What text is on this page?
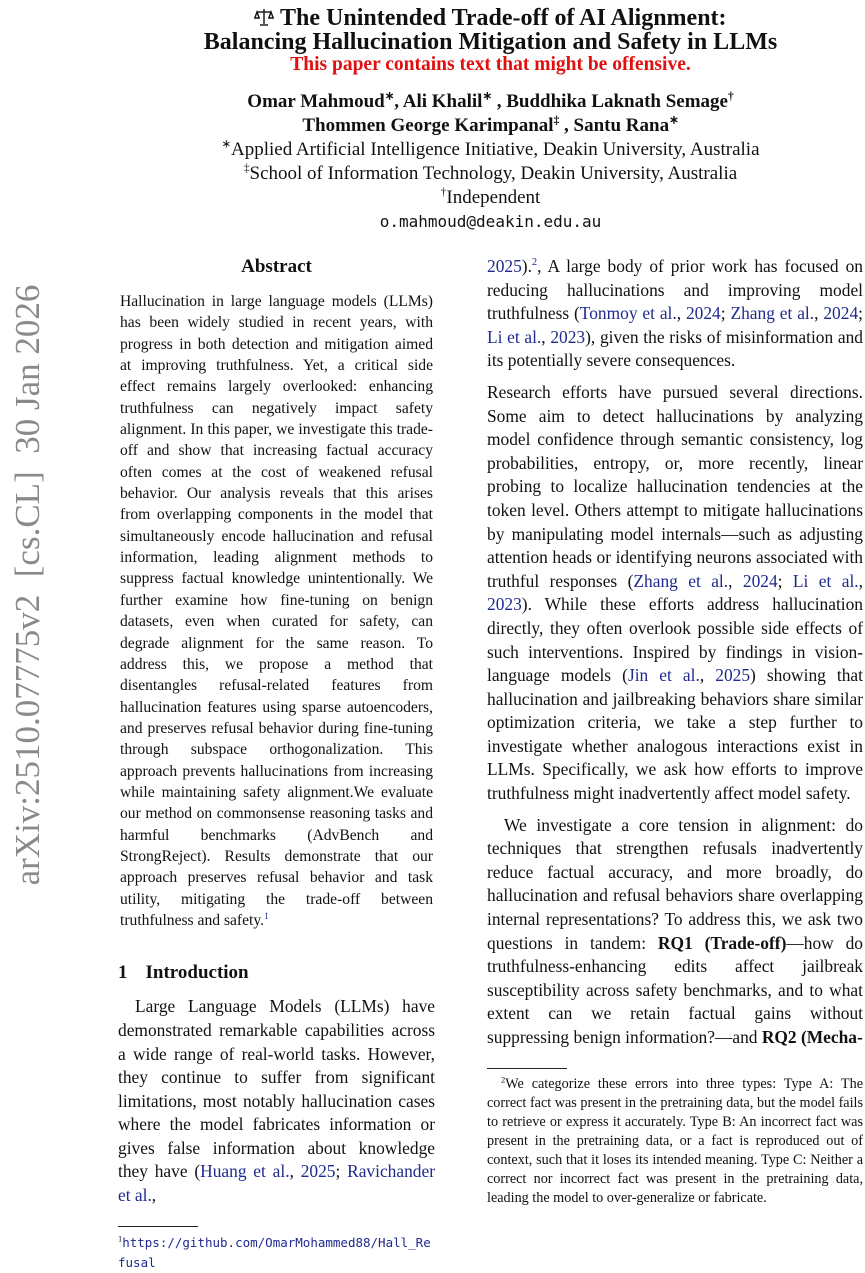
arXiv:2510.07775v2  [cs.CL]  30 Jan 2026
The Unintended Trade-off of AI Alignment:
Balancing Hallucination Mitigation and Safety in LLMs
This paper contains text that might be offensive.
Omar Mahmoud∗, Ali Khalil∗ , Buddhika Laknath Semage†
Thommen George Karimpanal‡ , Santu Rana∗
∗Applied Artificial Intelligence Initiative, Deakin University, Australia
‡School of Information Technology, Deakin University, Australia
†Independent
o.mahmoud@deakin.edu.au
Abstract
Hallucination in large language models (LLMs) has been widely studied in recent years, with progress in both detection and mitigation aimed at improving truthfulness. Yet, a critical side effect remains largely overlooked: enhancing truthfulness can negatively impact safety alignment. In this paper, we investigate this trade-off and show that increasing factual accuracy often comes at the cost of weakened refusal behavior. Our analysis reveals that this arises from overlapping components in the model that simultaneously encode hallucination and refusal information, leading alignment methods to suppress factual knowledge unintentionally. We further examine how fine-tuning on benign datasets, even when curated for safety, can degrade alignment for the same reason. To address this, we propose a method that disentangles refusal-related features from hallucination features using sparse autoencoders, and preserves refusal behavior during fine-tuning through subspace orthogonalization. This approach prevents hallucinations from increasing while maintaining safety alignment.We evaluate our method on commonsense reasoning tasks and harmful benchmarks (AdvBench and StrongReject). Results demonstrate that our approach preserves refusal behavior and task utility, mitigating the trade-off between truthfulness and safety.$^1$
1 Introduction

Large Language Models (LLMs) have demonstrated remarkable capabilities across a wide range of real-world tasks. However, they continue to suffer from significant limitations, most notably hallucination cases where the model fabricates information or gives false information about knowledge they have (Huang et al., 2025; Ravichander et al.,

$^1$https://github.com/OmarMohammed88/Hall_Refusal

2025).$^2$, A large body of prior work has focused on reducing hallucinations and improving model truthfulness (Tonmoy et al., 2024; Zhang et al., 2024; Li et al., 2023), given the risks of misinformation and its potentially severe consequences.

Research efforts have pursued several directions. Some aim to detect hallucinations by analyzing model confidence through semantic consistency, log probabilities, entropy, or, more recently, linear probing to localize hallucination tendencies at the token level. Others attempt to mitigate hallucinations by manipulating model internals—such as adjusting attention heads or identifying neurons associated with truthful responses (Zhang et al., 2024; Li et al., 2023). While these efforts address hallucination directly, they often overlook possible side effects of such interventions. Inspired by findings in vision-language models (Jin et al., 2025) showing that hallucination and jailbreaking behaviors share similar optimization criteria, we take a step further to investigate whether analogous interactions exist in LLMs. Specifically, we ask how efforts to improve truthfulness might inadvertently affect model safety.

We investigate a core tension in alignment: do techniques that strengthen refusals inadvertently reduce factual accuracy, and more broadly, do hallucination and refusal behaviors share overlapping internal representations? To address this, we ask two questions in tandem: RQ1 (Trade-off)—how do truthfulness-enhancing edits affect jailbreak susceptibility across safety benchmarks, and to what extent can we retain factual gains without suppressing benign information?—and RQ2 (Mecha-

$^2$We categorize these errors into three types: Type A: The correct fact was present in the pretraining data, but the model fails to retrieve or express it accurately. Type B: An incorrect fact was present in the pretraining data, or a fact is reproduced out of context, such that it loses its intended meaning. Type C: Neither a correct nor incorrect fact was present in the pretraining data, leading the model to over-generalize or fabricate.
